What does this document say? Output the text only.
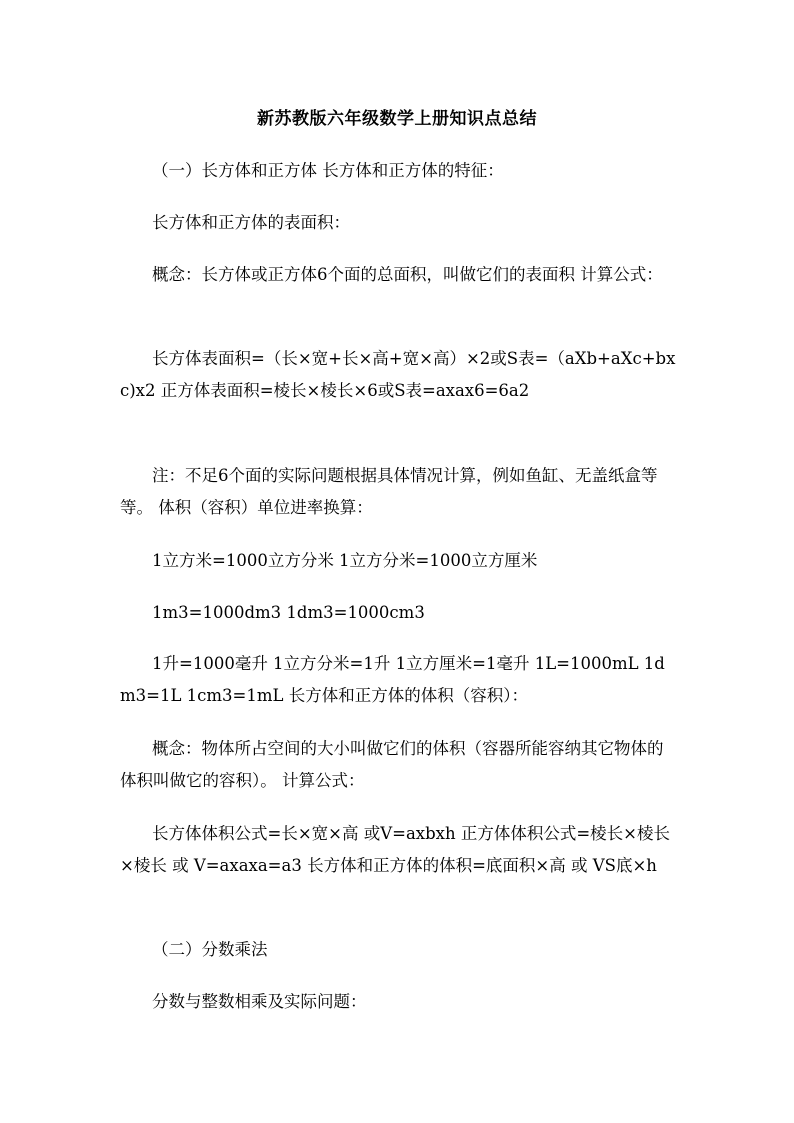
新苏教版六年级数学上册知识点总结
（一）长方体和正方体 长方体和正方体的特征：
长方体和正方体的表面积：
概念：长方体或正方体6个面的总面积，叫做它们的表面积 计算公式：
长方体表面积=（长×宽+长×高+宽×高）×2或S表=（aXb+aXc+bxc)x2 正方体表面积=棱长×棱长×6或S表=axax6=6a2
注：不足6个面的实际问题根据具体情况计算，例如鱼缸、无盖纸盒等等。 体积（容积）单位进率换算：
1立方米=1000立方分米 1立方分米=1000立方厘米
1m3=1000dm3 1dm3=1000cm3
1升=1000毫升 1立方分米=1升 1立方厘米=1毫升 1L=1000mL 1dm3=1L 1cm3=1mL 长方体和正方体的体积（容积）：
概念：物体所占空间的大小叫做它们的体积（容器所能容纳其它物体的体积叫做它的容积）。 计算公式：
长方体体积公式=长×宽×高 或V=axbxh 正方体体积公式=棱长×棱长×棱长 或 V=axaxa=a3 长方体和正方体的体积=底面积×高 或 VS底×h
（二）分数乘法
分数与整数相乘及实际问题：
